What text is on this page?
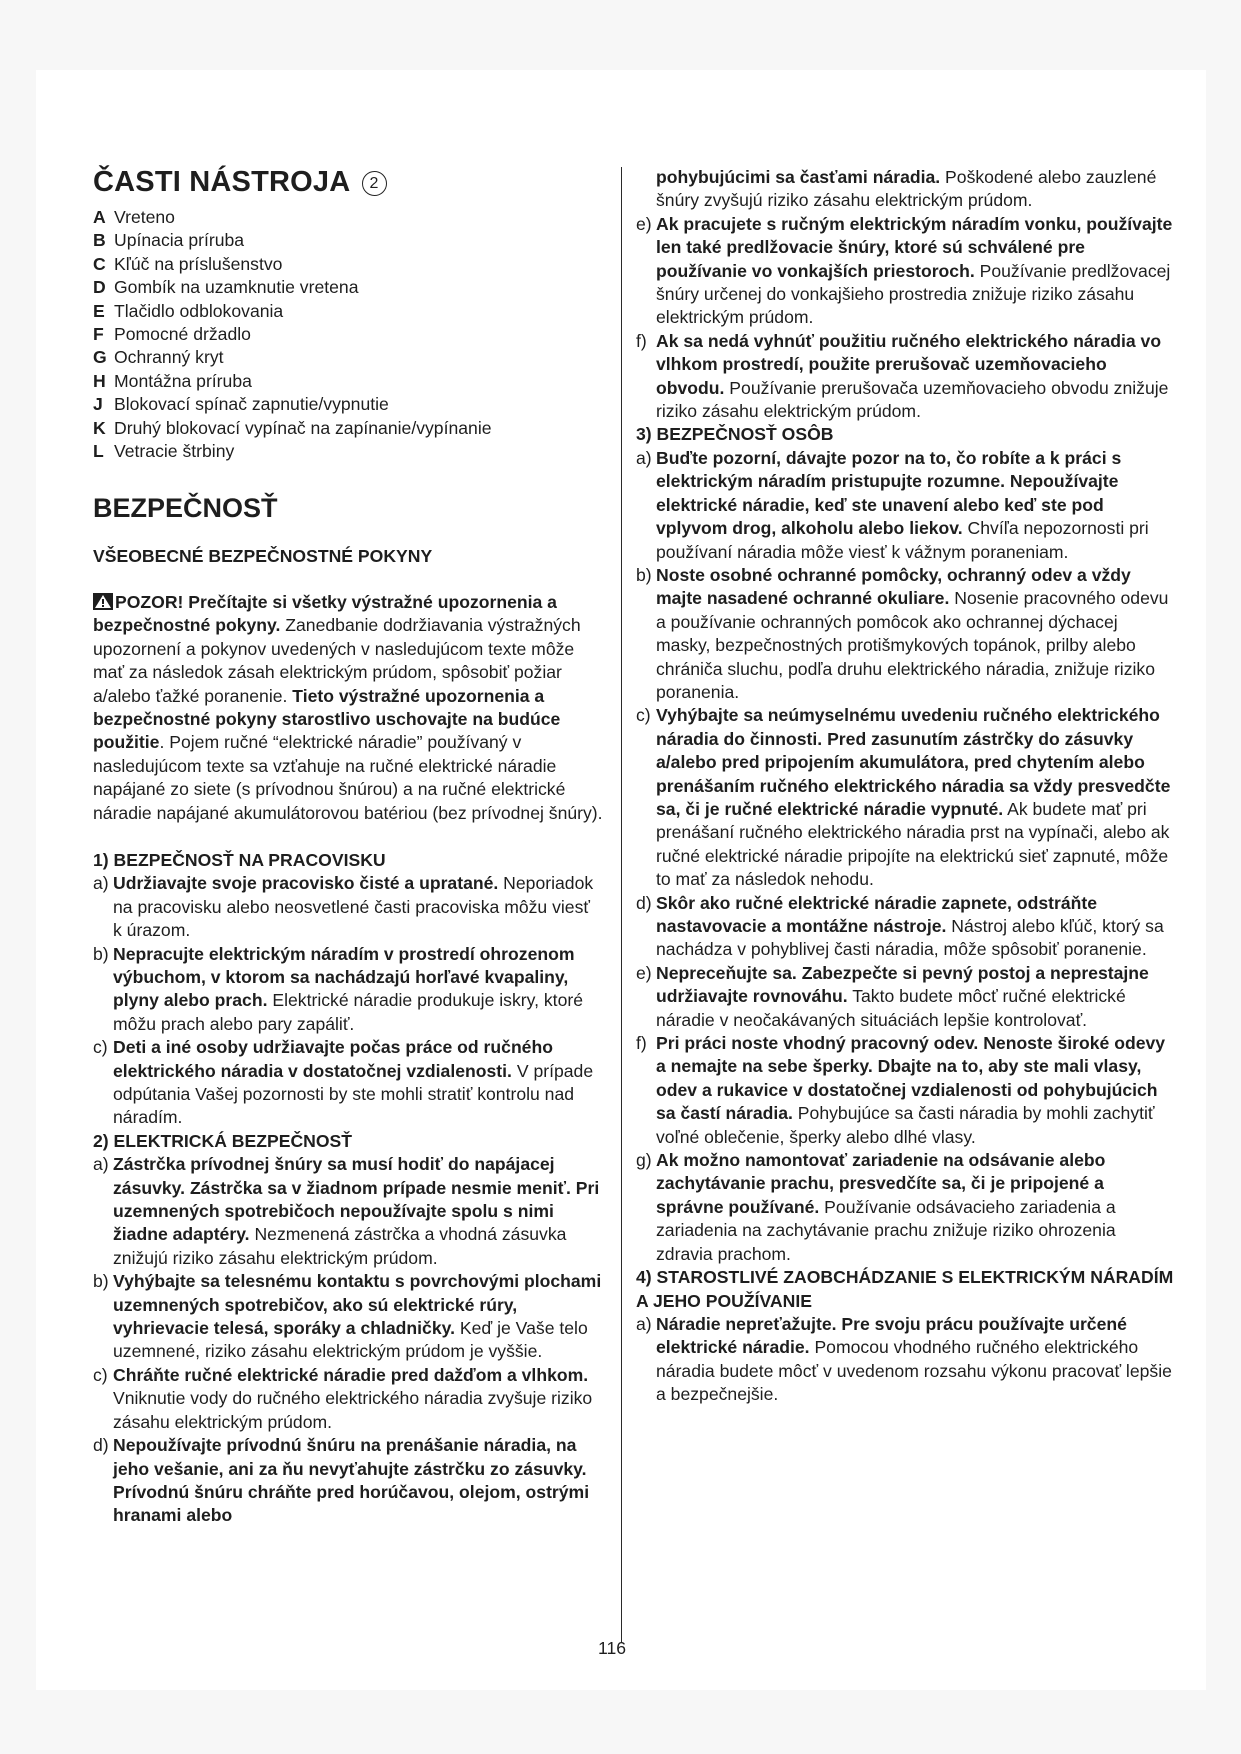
ČASTI NÁSTROJA 2
A Vreteno
B Upínacia príruba
C Kľúč na príslušenstvo
D Gombík na uzamknutie vretena
E Tlačidlo odblokovania
F Pomocné držadlo
G Ochranný kryt
H Montážna príruba
J Blokovací spínač zapnutie/vypnutie
K Druhý blokovací vypínač na zapínanie/vypínanie
L Vetracie štrbiny
BEZPEČNOSŤ
VŠEOBECNÉ BEZPEČNOSTNÉ POKYNY

POZOR! Prečítajte si všetky výstražné upozornenia a bezpečnostné pokyny. Zanedbanie dodržiavania výstražných upozornení a pokynov uvedených v nasledujúcom texte môže mať za následok zásah elektrickým prúdom, spôsobiť požiar a/alebo ťažké poranenie. Tieto výstražné upozornenia a bezpečnostné pokyny starostlivo uschovajte na budúce použitie. Pojem ručné “elektrické náradie” používaný v nasledujúcom texte sa vzťahuje na ručné elektrické náradie napájané zo siete (s prívodnou šnúrou) a na ručné elektrické náradie napájané akumulátorovou batériou (bez prívodnej šnúry).

1) BEZPEČNOSŤ NA PRACOVISKU

a) Udržiavajte svoje pracovisko čisté a upratané. Neporiadok na pracovisku alebo neosvetlené časti pracoviska môžu viesť k úrazom.

b) Nepracujte elektrickým náradím v prostredí ohrozenom výbuchom, v ktorom sa nachádzajú horľavé kvapaliny, plyny alebo prach. Elektrické náradie produkuje iskry, ktoré môžu prach alebo pary zapáliť.

c) Deti a iné osoby udržiavajte počas práce od ručného elektrického náradia v dostatočnej vzdialenosti. V prípade odpútania Vašej pozornosti by ste mohli stratiť kontrolu nad náradím.

2) ELEKTRICKÁ BEZPEČNOSŤ

a) Zástrčka prívodnej šnúry sa musí hodiť do napájacej zásuvky. Zástrčka sa v žiadnom prípade nesmie meniť. Pri uzemnených spotrebičoch nepoužívajte spolu s nimi žiadne adaptéry. Nezmenená zástrčka a vhodná zásuvka znižujú riziko zásahu elektrickým prúdom.

b) Vyhýbajte sa telesnému kontaktu s povrchovými plochami uzemnených spotrebičov, ako sú elektrické rúry, vyhrievacie telesá, sporáky a chladničky. Keď je Vaše telo uzemnené, riziko zásahu elektrickým prúdom je vyššie.

c) Chráňte ručné elektrické náradie pred dažďom a vlhkom. Vniknutie vody do ručného elektrického náradia zvyšuje riziko zásahu elektrickým prúdom.

d) Nepoužívajte prívodnú šnúru na prenášanie náradia, na jeho vešanie, ani za ňu nevyťahujte zástrčku zo zásuvky. Prívodnú šnúru chráňte pred horúčavou, olejom, ostrými hranami alebo

pohybujúcimi sa časťami náradia. Poškodené alebo zauzlené šnúry zvyšujú riziko zásahu elektrickým prúdom.

e) Ak pracujete s ručným elektrickým náradím vonku, používajte len také predlžovacie šnúry, ktoré sú schválené pre používanie vo vonkajších priestoroch. Používanie predlžovacej šnúry určenej do vonkajšieho prostredia znižuje riziko zásahu elektrickým prúdom.

f) Ak sa nedá vyhnúť použitiu ručného elektrického náradia vo vlhkom prostredí, použite prerušovač uzemňovacieho obvodu. Používanie prerušovača uzemňovacieho obvodu znižuje riziko zásahu elektrickým prúdom.

3) BEZPEČNOSŤ OSÔB

a) Buďte pozorní, dávajte pozor na to, čo robíte a k práci s elektrickým náradím pristupujte rozumne. Nepoužívajte elektrické náradie, keď ste unavení alebo keď ste pod vplyvom drog, alkoholu alebo liekov. Chvíľa nepozornosti pri používaní náradia môže viesť k vážnym poraneniam.

b) Noste osobné ochranné pomôcky, ochranný odev a vždy majte nasadené ochranné okuliare. Nosenie pracovného odevu a používanie ochranných pomôcok ako ochrannej dýchacej masky, bezpečnostných protišmykových topánok, prilby alebo chrániča sluchu, podľa druhu elektrického náradia, znižuje riziko poranenia.

c) Vyhýbajte sa neúmyselnému uvedeniu ručného elektrického náradia do činnosti. Pred zasunutím zástrčky do zásuvky a/alebo pred pripojením akumulátora, pred chytením alebo prenášaním ručného elektrického náradia sa vždy presvedčte sa, či je ručné elektrické náradie vypnuté. Ak budete mať pri prenášaní ručného elektrického náradia prst na vypínači, alebo ak ručné elektrické náradie pripojíte na elektrickú sieť zapnuté, môže to mať za následok nehodu.

d) Skôr ako ručné elektrické náradie zapnete, odstráňte nastavovacie a montážne nástroje. Nástroj alebo kľúč, ktorý sa nachádza v pohyblivej časti náradia, môže spôsobiť poranenie.

e) Neprecеňujte sa. Zabezpečte si pevný postoj a neprestajne udržiavajte rovnováhu. Takto budete môcť ručné elektrické náradie v neočakávaných situáciách lepšie kontrolovať.

f) Pri práci noste vhodný pracovný odev. Nenoste široké odevy a nemajte na sebe šperky. Dbajte na to, aby ste mali vlasy, odev a rukavice v dostatočnej vzdialenosti od pohybujúcich sa častí náradia. Pohybujúce sa časti náradia by mohli zachytiť voľné oblečenie, šperky alebo dlhé vlasy.

g) Ak možno namontovať zariadenie na odsávanie alebo zachytávanie prachu, presvedčíte sa, či je pripojené a správne používané. Používanie odsávacieho zariadenia a zariadenia na zachytávanie prachu znižuje riziko ohrozenia zdravia prachom.

4) STAROSTLIVÉ ZAOBCHÁDZANIE S ELEKTRICKÝM NÁRADÍM A JEHO POUŽÍVANIE

a) Náradie nepreťažujte. Pre svoju prácu používajte určené elektrické náradie. Pomocou vhodného ručného elektrického náradia budete môcť v uvedenom rozsahu výkonu pracovať lepšie a bezpečnejšie.

116
